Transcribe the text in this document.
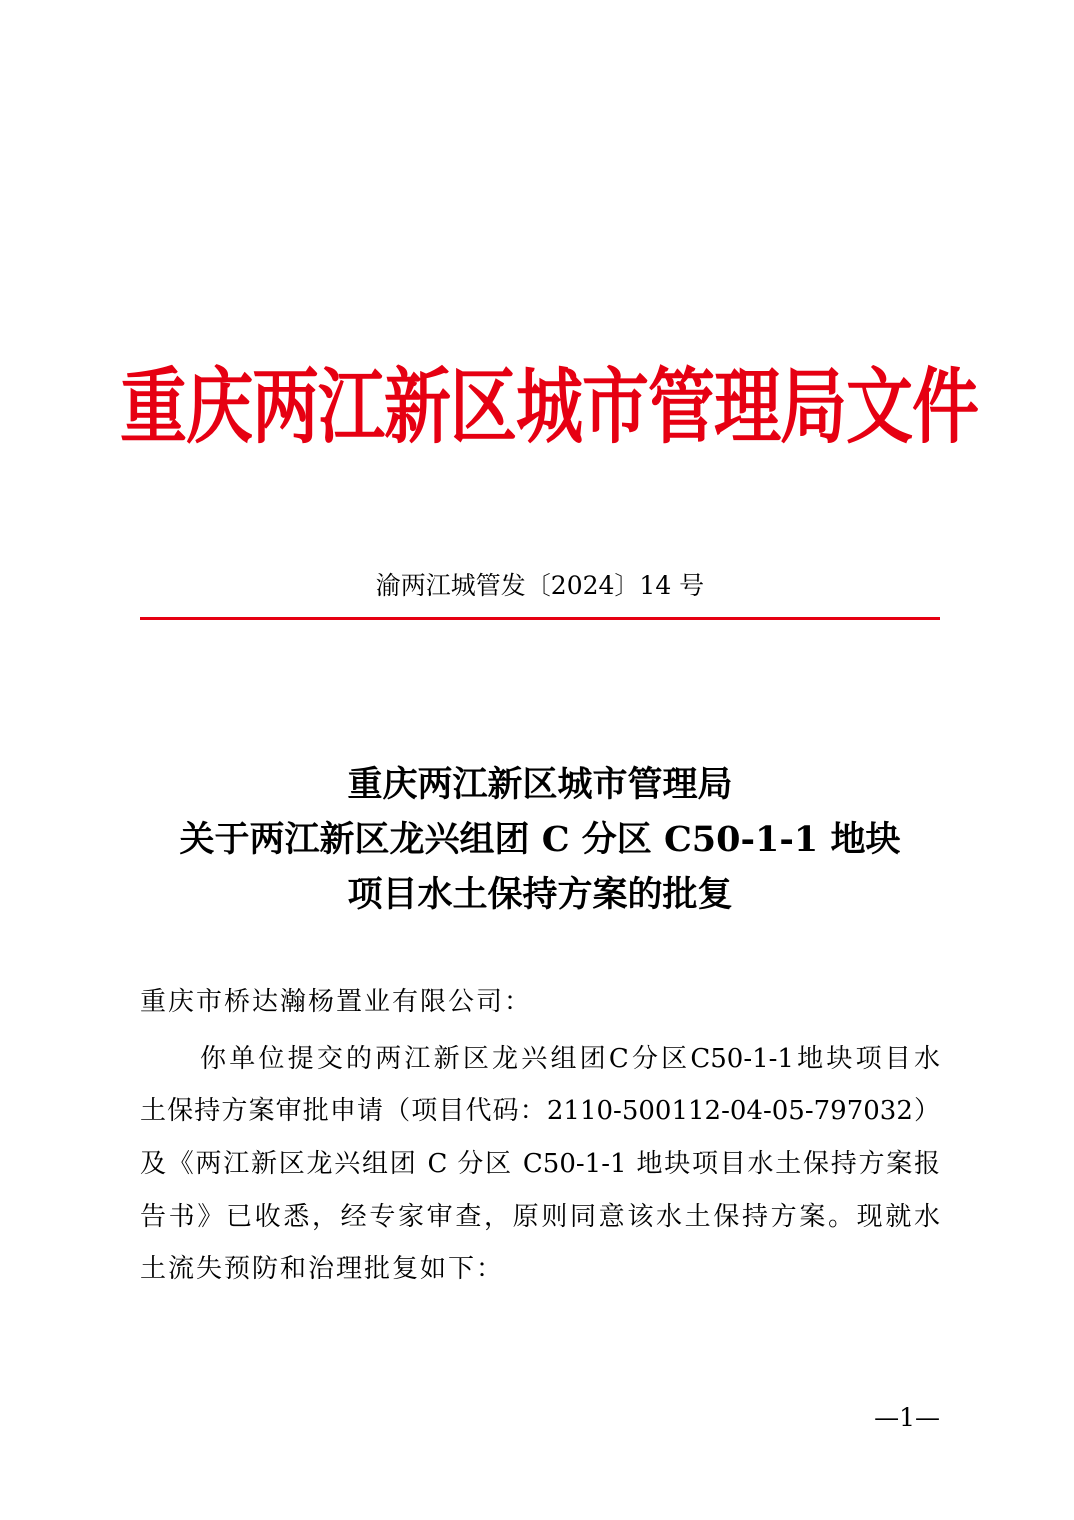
重庆两江新区城市管理局文件
渝两江城管发〔2024〕14 号
重庆两江新区城市管理局
关于两江新区龙兴组团 C 分区 C50-1-1 地块
项目水土保持方案的批复
重庆市桥达瀚杨置业有限公司：
你单位提交的两江新区龙兴组团C分区C50-1-1地块项目水
土保持方案审批申请（项目代码：2110-500112-04-05-797032）
及《两江新区龙兴组团 C 分区 C50-1-1 地块项目水土保持方案报
告书》已收悉，经专家审查，原则同意该水土保持方案。现就水
土流失预防和治理批复如下：
—1—
